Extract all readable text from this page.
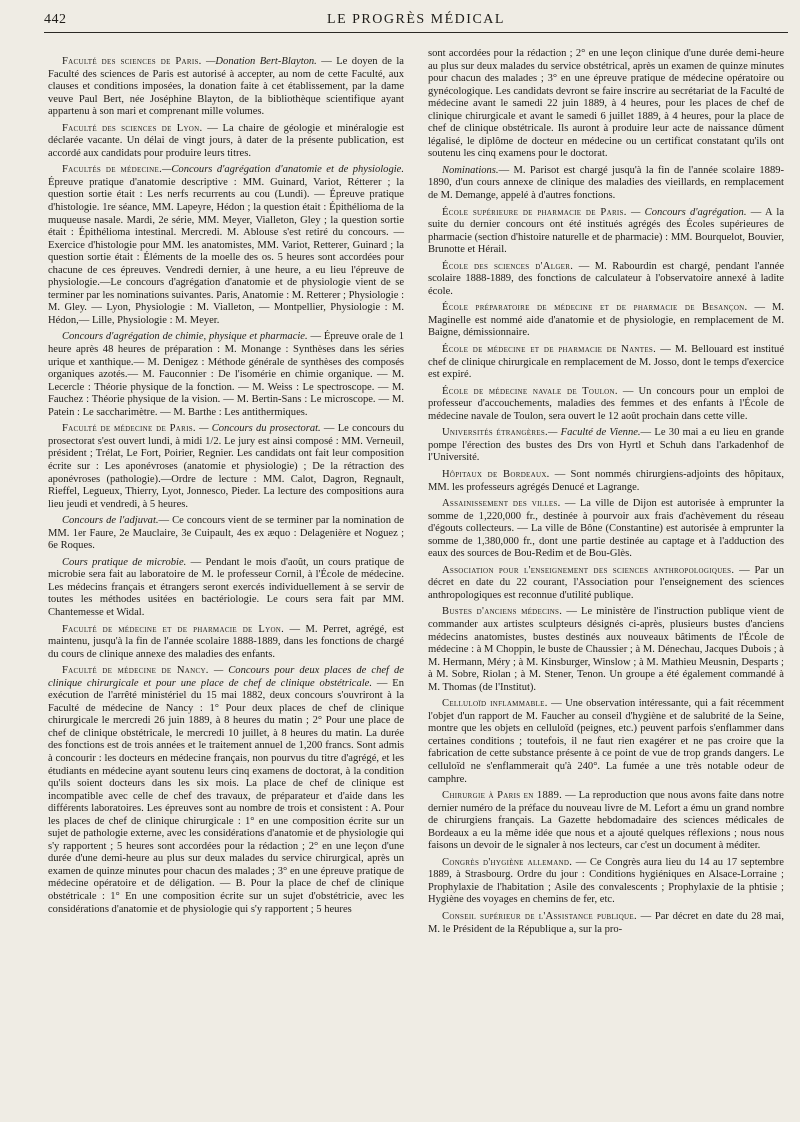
442	LE PROGRÈS MÉDICAL

Faculté des sciences de Paris. —Donation Bert-Blayton. — Le doyen de la Faculté des sciences de Paris est autorisé à accepter, au nom de cette Faculté, aux clauses et conditions imposées, la donation faite à cet établissement, par la dame veuve Paul Bert, née Joséphine Blayton, de la bibliothèque scientifique ayant appartenu à son mari et comprenant mille volumes.

Faculté des sciences de Lyon. — La chaire de géologie et minéralogie est déclarée vacante. Un délai de vingt jours, à dater de la présente publication, est accordé aux candidats pour produire leurs titres.

Facultés de médecine.—Concours d'agrégation d'anatomie et de physiologie. Épreuve pratique d'anatomie descriptive : MM. Guinard, Variot, Rétterer ; la question sortie était : Les nerfs recurrents au cou (Lundi). — Épreuve pratique d'histologie. 1re séance, MM. Lapeyre, Hédon ; la question était : Épithélioma de la muqueuse nasale. Mardi, 2e série, MM. Meyer, Vialleton, Gley ; la question sortie était : Épithélioma intestinal. Mercredi. M. Ablouse s'est retiré du concours. — Exercice d'histologie pour MM. les anatomistes, MM. Variot, Retterer, Guinard ; la question sortie était : Éléments de la moelle des os. 5 heures sont accordées pour chacune de ces épreuves. Vendredi dernier, à une heure, a eu lieu l'épreuve de physiologie.—Le concours d'agrégation d'anatomie et de physiologie vient de se terminer par les nominations suivantes. Paris, Anatomie : M. Retterer ; Physiologie : M. Gley. — Lyon, Physiologie : M. Vialleton, — Montpellier, Physiologie : M. Hédon,— Lille, Physiologie : M. Meyer.

Concours d'agrégation de chimie, physique et pharmacie. — Épreuve orale de 1 heure après 48 heures de préparation : M. Monange : Synthèses dans les séries urique et xanthique.— M. Denigez : Méthode générale de synthèses des composés organiques azotés.— M. Fauconnier : De l'isomérie en chimie organique. — M. Lecercle : Théorie physique de la fonction. — M. Weiss : Le spectroscope. — M. Fauchez : Théorie physique de la vision. — M. Bertin-Sans : Le microscope. — M. Patein : Le saccharimètre. — M. Barthe : Les antithermiques.

Faculté de médecine de Paris. — Concours du prosectorat. — Le concours du prosectorat s'est ouvert lundi, à midi 1/2. Le jury est ainsi composé : MM. Verneuil, président ; Trélat, Le Fort, Poirier, Regnier. Les candidats ont fait leur composition écrite sur : Les aponévroses (anatomie et physiologie) ; De la rétraction des aponévroses (pathologie).—Ordre de lecture : MM. Calot, Dagron, Regnault, Rieffel, Legueux, Thierry, Lyot, Jonnesco, Pieder. La lecture des compositions aura lieu jeudi et vendredi, à 5 heures.

Concours de l'adjuvat.— Ce concours vient de se terminer par la nomination de MM. 1er Faure, 2e Mauclaire, 3e Cuipault, 4es ex æquo : Delagenière et Noguez ; 6e Roques.

Cours pratique de microbie. — Pendant le mois d'août, un cours pratique de microbie sera fait au laboratoire de M. le professeur Cornil, à l'École de médecine. Les médecins français et étrangers seront exercés individuellement à se servir de toutes les méthodes usitées en bactériologie. Le cours sera fait par MM. Chantemesse et Widal.

Faculté de médecine et de pharmacie de Lyon. — M. Perret, agrégé, est maintenu, jusqu'à la fin de l'année scolaire 1888-1889, dans les fonctions de chargé du cours de clinique annexe des maladies des enfants.

Faculté de médecine de Nancy. — Concours pour deux places de chef de clinique chirurgicale et pour une place de chef de clinique obstétricale. — En exécution de l'arrêté ministériel du 15 mai 1882, deux concours s'ouvriront à la Faculté de médecine de Nancy : 1° Pour deux places de chef de clinique chirurgicale le mercredi 26 juin 1889, à 8 heures du matin ; 2° Pour une place de chef de clinique obstétricale, le mercredi 10 juillet, à 8 heures du matin. La durée des fonctions est de trois années et le traitement annuel de 1,200 francs. Sont admis à concourir : les docteurs en médecine français, non pourvus du titre d'agrégé, et les étudiants en médecine ayant soutenu leurs cinq examens de doctorat, à la condition qu'ils soient docteurs dans les six mois. La place de chef de clinique est incompatible avec celle de chef des travaux, de préparateur et d'aide dans les différents laboratoires. Les épreuves sont au nombre de trois et consistent : A. Pour les places de chef de clinique chirurgicale : 1° en une composition écrite sur un sujet de pathologie externe, avec les considérations d'anatomie et de physiologie qui s'y rapportent ; 5 heures sont accordées pour la rédaction ; 2° en une leçon d'une durée d'une demi-heure au plus sur deux malades du service chirurgical, après un examen de quinze minutes pour chacun des malades ; 3° en une épreuve pratique de médecine opératoire et de déligation. — B. Pour la place de chef de clinique obstétricale : 1° En une composition écrite sur un sujet d'obstétricie, avec les considérations d'anatomie et de physiologie qui s'y rapportent ; 5 heures

sont accordées pour la rédaction ; 2° en une leçon clinique d'une durée demi-heure au plus sur deux malades du service obstétrical, après un examen de quinze minutes pour chacun des malades ; 3° en une épreuve pratique de médecine opératoire ou gynécologique. Les candidats devront se faire inscrire au secrétariat de la Faculté de médecine avant le samedi 22 juin 1889, à 4 heures, pour les places de chef de clinique chirurgicale et avant le samedi 6 juillet 1889, à 4 heures, pour la place de chef de clinique obstétricale. Ils auront à produire leur acte de naissance dûment légalisé, le diplôme de docteur en médecine ou un certificat constatant qu'ils ont soutenu les cinq examens pour le doctorat.

Nominations.— M. Parisot est chargé jusqu'à la fin de l'année scolaire 1889-1890, d'un cours annexe de clinique des maladies des vieillards, en remplacement de M. Demange, appelé à d'autres fonctions.

École supérieure de pharmacie de Paris. — Concours d'agrégation. — A la suite du dernier concours ont été institués agrégés des Écoles supérieures de pharmacie (section d'histoire naturelle et de pharmacie) : MM. Bourquelot, Bouvier, Brunotte et Hérail.

École des sciences d'Alger. — M. Rabourdin est chargé, pendant l'année scolaire 1888-1889, des fonctions de calculateur à l'observatoire annexé à ladite école.

École préparatoire de médecine et de pharmacie de Besançon. — M. Maginelle est nommé aide d'anatomie et de physiologie, en remplacement de M. Baigne, démissionnaire.

École de médecine et de pharmacie de Nantes. — M. Bellouard est institué chef de clinique chirurgicale en remplacement de M. Josso, dont le temps d'exercice est expiré.

École de médecine navale de Toulon. — Un concours pour un emploi de professeur d'accouchements, maladies des femmes et des enfants à l'École de médecine navale de Toulon, sera ouvert le 12 août prochain dans cette ville.

Universités étrangères.— Faculté de Vienne.— Le 30 mai a eu lieu en grande pompe l'érection des bustes des Drs von Hyrtl et Schuh dans l'arkadenhof de l'Université.

Hôpitaux de Bordeaux. — Sont nommés chirurgiens-adjoints des hôpitaux, MM. les professeurs agrégés Denucé et Lagrange.

Assainissement des villes. — La ville de Dijon est autorisée à emprunter la somme de 1,220,000 fr., destinée à pourvoir aux frais d'achèvement du réseau d'égouts collecteurs. — La ville de Bône (Constantine) est autorisée à emprunter la somme de 1,380,000 fr., dont une partie destinée au captage et à l'adduction des eaux des sources de Bou-Redim et de Bou-Glès.

Association pour l'enseignement des sciences anthropologiques. — Par un décret en date du 22 courant, l'Association pour l'enseignement des sciences anthropologiques est reconnue d'utilité publique.

Bustes d'anciens médecins. — Le ministère de l'instruction publique vient de commander aux artistes sculpteurs désignés ci-après, plusieurs bustes d'anciens médecins anatomistes, bustes destinés aux nouveaux bâtiments de l'École de médecine : à M Choppin, le buste de Chaussier ; à M. Dénechau, Jacques Dubois ; à M. Hermann, Méry ; à M. Kinsburger, Winslow ; à M. Mathieu Meusnin, Desparts ; à M. Sobre, Riolan ; à M. Stener, Tenon. Un groupe a été également commandé à M. Thomas (de l'Institut).

Celluloïd inflammable. — Une observation intéressante, qui a fait récemment l'objet d'un rapport de M. Faucher au conseil d'hygiène et de salubrité de la Seine, montre que les objets en celluloïd (peignes, etc.) peuvent parfois s'enflammer dans certaines conditions ; toutefois, il ne faut rien exagérer et ne pas croire que la fabrication de cette substance présente à ce point de vue de trop grands dangers. Le celluloïd ne s'enflammerait qu'à 240°. La fumée a une très notable odeur de camphre.

Chirurgie à Paris en 1889. — La reproduction que nous avons faite dans notre dernier numéro de la préface du nouveau livre de M. Lefort a ému un grand nombre de chirurgiens français. La Gazette hebdomadaire des sciences médicales de Bordeaux a eu la même idée que nous et a ajouté quelques réflexions ; nous nous faisons un devoir de le signaler à nos lecteurs, car c'est un document à méditer.

Congrès d'hygiène allemand. — Ce Congrès aura lieu du 14 au 17 septembre 1889, à Strasbourg. Ordre du jour : Conditions hygiéniques en Alsace-Lorraine ; Prophylaxie de l'habitation ; Asile des convalescents ; Prophylaxie de la phtisie ; Hygiène des voyages en chemins de fer, etc.

Conseil supérieur de l'Assistance publique. — Par décret en date du 28 mai, M. le Président de la République a, sur la pro-
